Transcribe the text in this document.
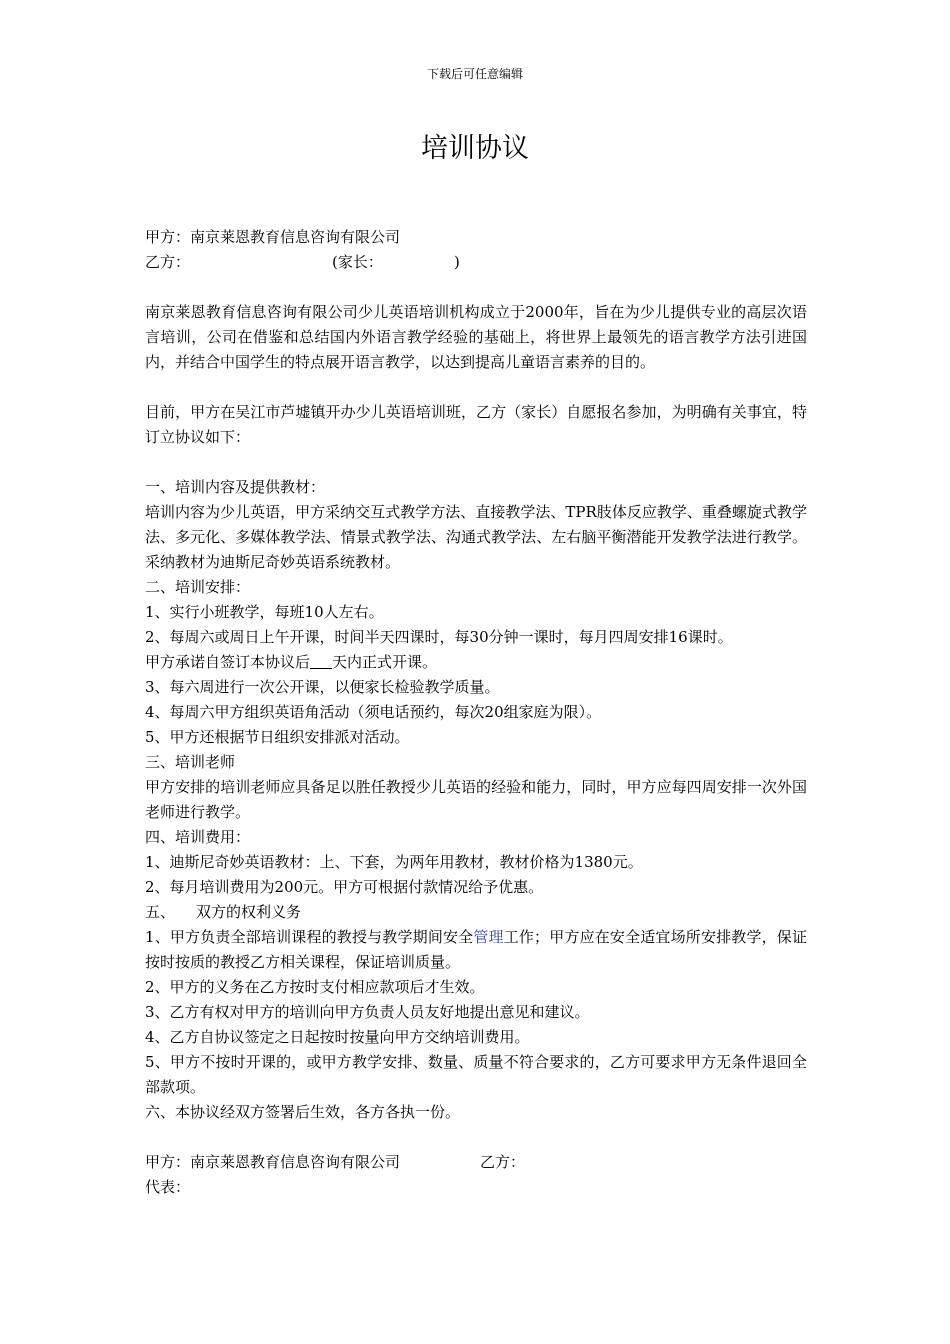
下载后可任意编辑
培训协议

甲方：南京莱恩教育信息咨询有限公司

乙方：	(家长：	)

南京莱恩教育信息咨询有限公司少儿英语培训机构成立于2000年，旨在为少儿提供专业的高层次语言培训，公司在借鉴和总结国内外语言教学经验的基础上，将世界上最领先的语言教学方法引进国内，并结合中国学生的特点展开语言教学，以达到提高儿童语言素养的目的。

目前，甲方在吴江市芦墟镇开办少儿英语培训班，乙方（家长）自愿报名参加，为明确有关事宜，特订立协议如下：

一、培训内容及提供教材：

培训内容为少儿英语，甲方采纳交互式教学方法、直接教学法、TPR肢体反应教学、重叠螺旋式教学法、多元化、多媒体教学法、情景式教学法、沟通式教学法、左右脑平衡潜能开发教学法进行教学。采纳教材为迪斯尼奇妙英语系统教材。

二、培训安排：

1、实行小班教学，每班10人左右。

2、每周六或周日上午开课，时间半天四课时，每30分钟一课时，每月四周安排16课时。

甲方承诺自签订本协议后 天内正式开课。

3、每六周进行一次公开课，以便家长检验教学质量。

4、每周六甲方组织英语角活动（须电话预约，每次20组家庭为限）。

5、甲方还根据节日组织安排派对活动。

三、培训老师

甲方安排的培训老师应具备足以胜任教授少儿英语的经验和能力，同时，甲方应每四周安排一次外国老师进行教学。

四、培训费用：

1、迪斯尼奇妙英语教材：上、下套，为两年用教材，教材价格为1380元。

2、每月培训费用为200元。甲方可根据付款情况给予优惠。

五、 双方的权利义务

1、甲方负责全部培训课程的教授与教学期间安全管理工作；甲方应在安全适宜场所安排教学，保证按时按质的教授乙方相关课程，保证培训质量。

2、甲方的义务在乙方按时支付相应款项后才生效。

3、乙方有权对甲方的培训向甲方负责人员友好地提出意见和建议。

4、乙方自协议签定之日起按时按量向甲方交纳培训费用。

5、甲方不按时开课的，或甲方教学安排、数量、质量不符合要求的，乙方可要求甲方无条件退回全部款项。

六、本协议经双方签署后生效，各方各执一份。

甲方：南京莱恩教育信息咨询有限公司	乙方：

代表：
